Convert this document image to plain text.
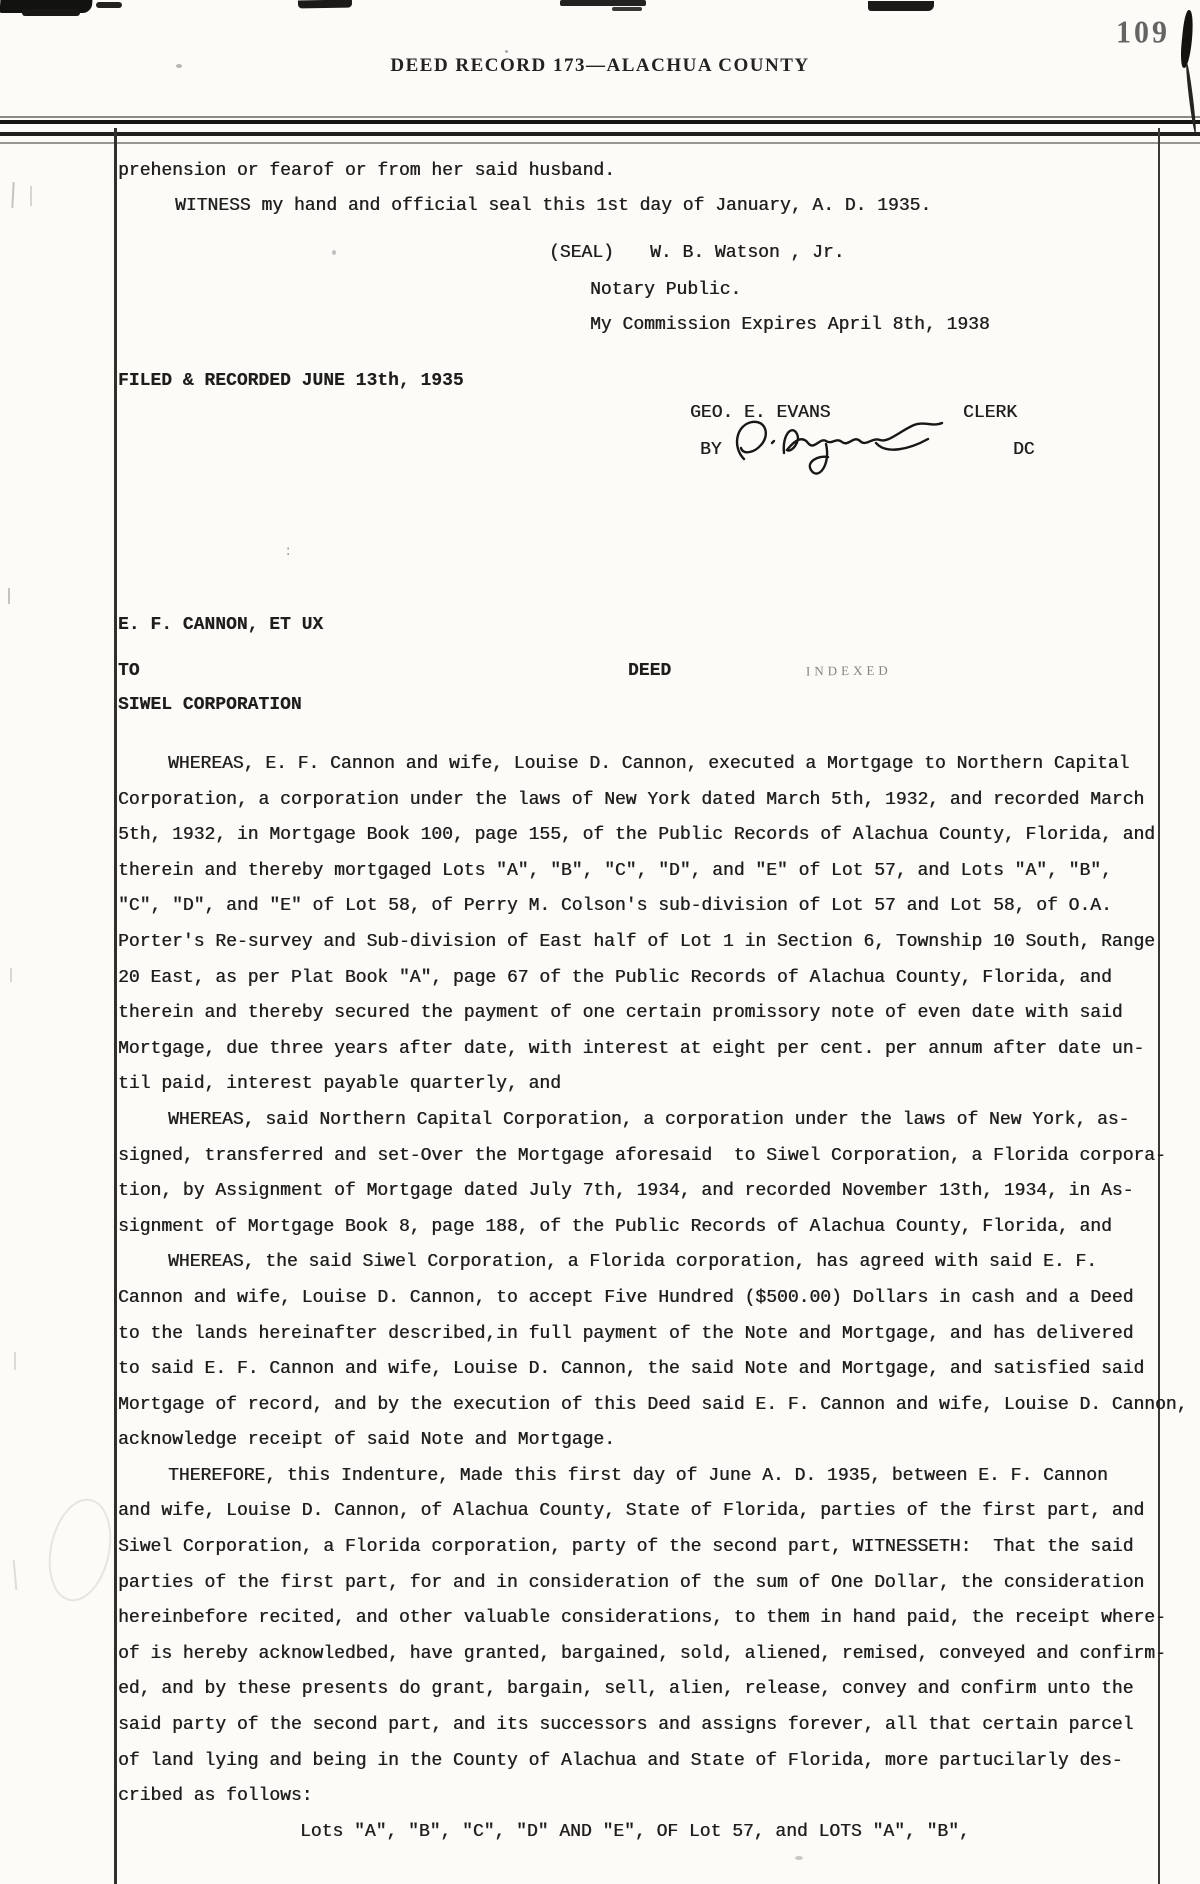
109
DEED RECORD 173—ALACHUA COUNTY
prehension or fearof or from her said husband.
WITNESS my hand and official seal this 1st day of January, A. D. 1935.
(SEAL) W. B. Watson , Jr.
Notary Public.
My Commission Expires April 8th, 1938
FILED & RECORDED JUNE 13th, 1935
GEO. E. EVANS	CLERK
BY	DC
E. F. CANNON, ET UX
TO	DEED	INDEXED
SIWEL CORPORATION
WHEREAS, E. F. Cannon and wife, Louise D. Cannon, executed a Mortgage to Northern Capital
Corporation, a corporation under the laws of New York dated March 5th, 1932, and recorded March
5th, 1932, in Mortgage Book 100, page 155, of the Public Records of Alachua County, Florida, and
therein and thereby mortgaged Lots "A", "B", "C", "D", and "E" of Lot 57, and Lots "A", "B",
"C", "D", and "E" of Lot 58, of Perry M. Colson's sub-division of Lot 57 and Lot 58, of O.A.
Porter's Re-survey and Sub-division of East half of Lot 1 in Section 6, Township 10 South, Range
20 East, as per Plat Book "A", page 67 of the Public Records of Alachua County, Florida, and
therein and thereby secured the payment of one certain promissory note of even date with said
Mortgage, due three years after date, with interest at eight per cent. per annum after date un-
til paid, interest payable quarterly, and
WHEREAS, said Northern Capital Corporation, a corporation under the laws of New York, as-
signed, transferred and set-Over the Mortgage aforesaid  to Siwel Corporation, a Florida corpora-
tion, by Assignment of Mortgage dated July 7th, 1934, and recorded November 13th, 1934, in As-
signment of Mortgage Book 8, page 188, of the Public Records of Alachua County, Florida, and
WHEREAS, the said Siwel Corporation, a Florida corporation, has agreed with said E. F.
Cannon and wife, Louise D. Cannon, to accept Five Hundred ($500.00) Dollars in cash and a Deed
to the lands hereinafter described,in full payment of the Note and Mortgage, and has delivered
to said E. F. Cannon and wife, Louise D. Cannon, the said Note and Mortgage, and satisfied said
Mortgage of record, and by the execution of this Deed said E. F. Cannon and wife, Louise D. Cannon,
acknowledge receipt of said Note and Mortgage.
THEREFORE, this Indenture, Made this first day of June A. D. 1935, between E. F. Cannon
and wife, Louise D. Cannon, of Alachua County, State of Florida, parties of the first part, and
Siwel Corporation, a Florida corporation, party of the second part, WITNESSETH:  That the said
parties of the first part, for and in consideration of the sum of One Dollar, the consideration
hereinbefore recited, and other valuable considerations, to them in hand paid, the receipt where-
of is hereby acknowledbed, have granted, bargained, sold, aliened, remised, conveyed and confirm-
ed, and by these presents do grant, bargain, sell, alien, release, convey and confirm unto the
said party of the second part, and its successors and assigns forever, all that certain parcel
of land lying and being in the County of Alachua and State of Florida, more partucilarly des-
cribed as follows:
Lots "A", "B", "C", "D" AND "E", OF Lot 57, and LOTS "A", "B",
:
